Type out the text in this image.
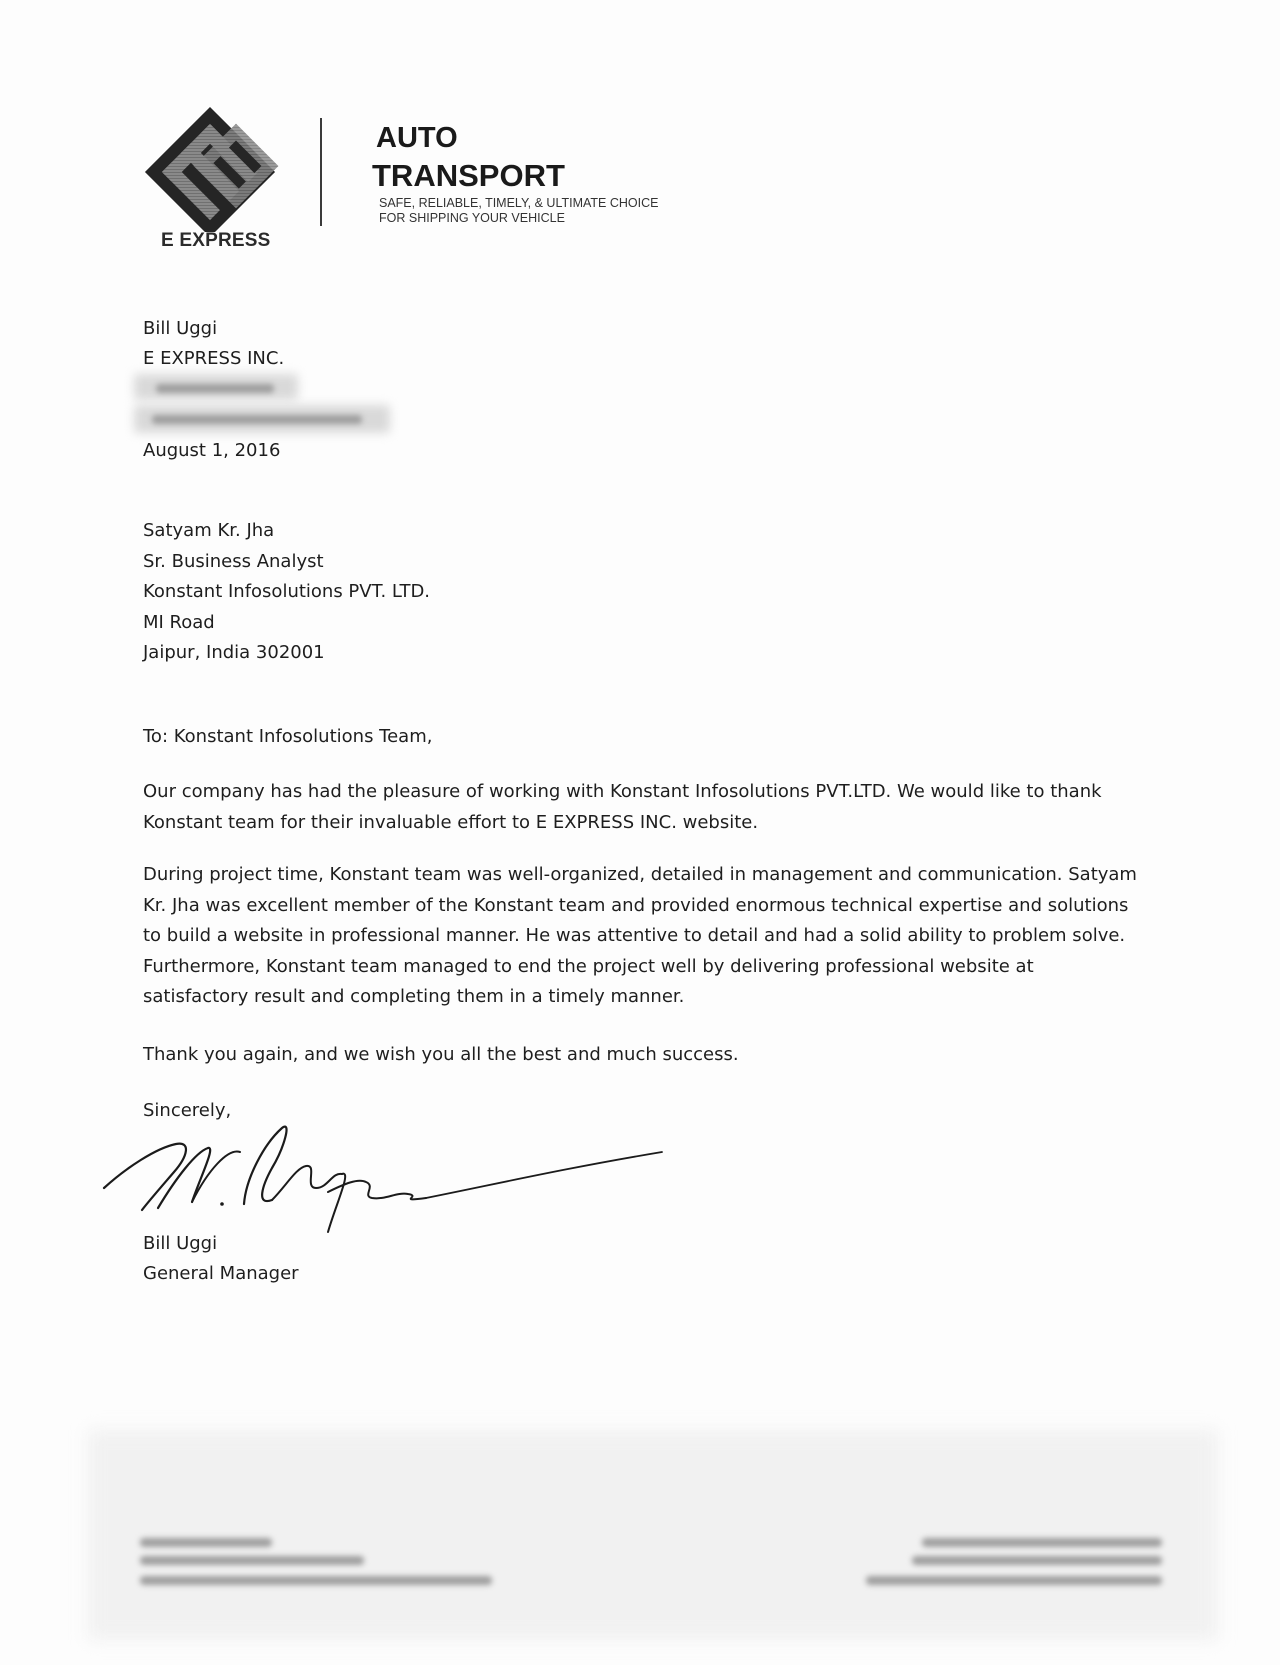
E EXPRESS
AUTO
TRANSPORT
SAFE, RELIABLE, TIMELY, & ULTIMATE CHOICE
FOR SHIPPING YOUR VEHICLE
Bill Uggi
E EXPRESS INC.
August 1, 2016
Satyam Kr. Jha
Sr. Business Analyst
Konstant Infosolutions PVT. LTD.
MI Road
Jaipur, India 302001
To: Konstant Infosolutions Team,
Our company has had the pleasure of working with Konstant Infosolutions PVT.LTD. We would like to thank
Konstant team for their invaluable effort to E EXPRESS INC. website.
During project time, Konstant team was well-organized, detailed in management and communication. Satyam
Kr. Jha was excellent member of the Konstant team and provided enormous technical expertise and solutions
to build a website in professional manner. He was attentive to detail and had a solid ability to problem solve.
Furthermore, Konstant team managed to end the project well by delivering professional website at
satisfactory result and completing them in a timely manner.
Thank you again, and we wish you all the best and much success.
Sincerely,
Bill Uggi
General Manager
